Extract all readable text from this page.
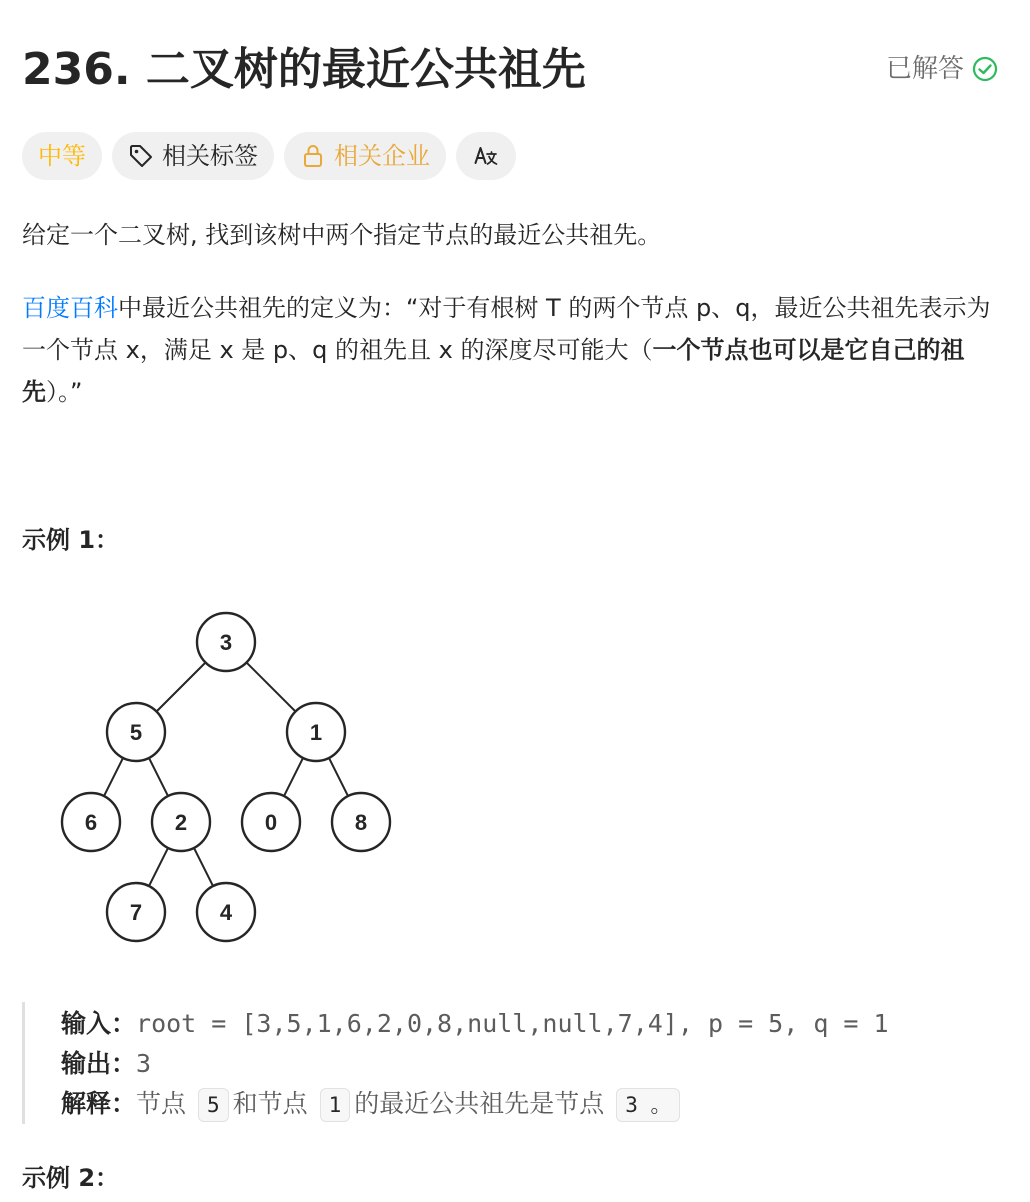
236. 二叉树的最近公共祖先	已解答
中等	相关标签	相关企业
给定一个二叉树, 找到该树中两个指定节点的最近公共祖先。
百度百科中最近公共祖先的定义为：“对于有根树 T 的两个节点 p、q，最近公共祖先表示为一个节点 x，满足 x 是 p、q 的祖先且 x 的深度尽可能大（一个节点也可以是它自己的祖先）。”
示例 1：
3
5	1
6	2	0	8
7	4
输入：root = [3,5,1,6,2,0,8,null,null,7,4], p = 5, q = 1
输出：3
解释：节点 5 和节点 1 的最近公共祖先是节点 3 。
示例 2：
